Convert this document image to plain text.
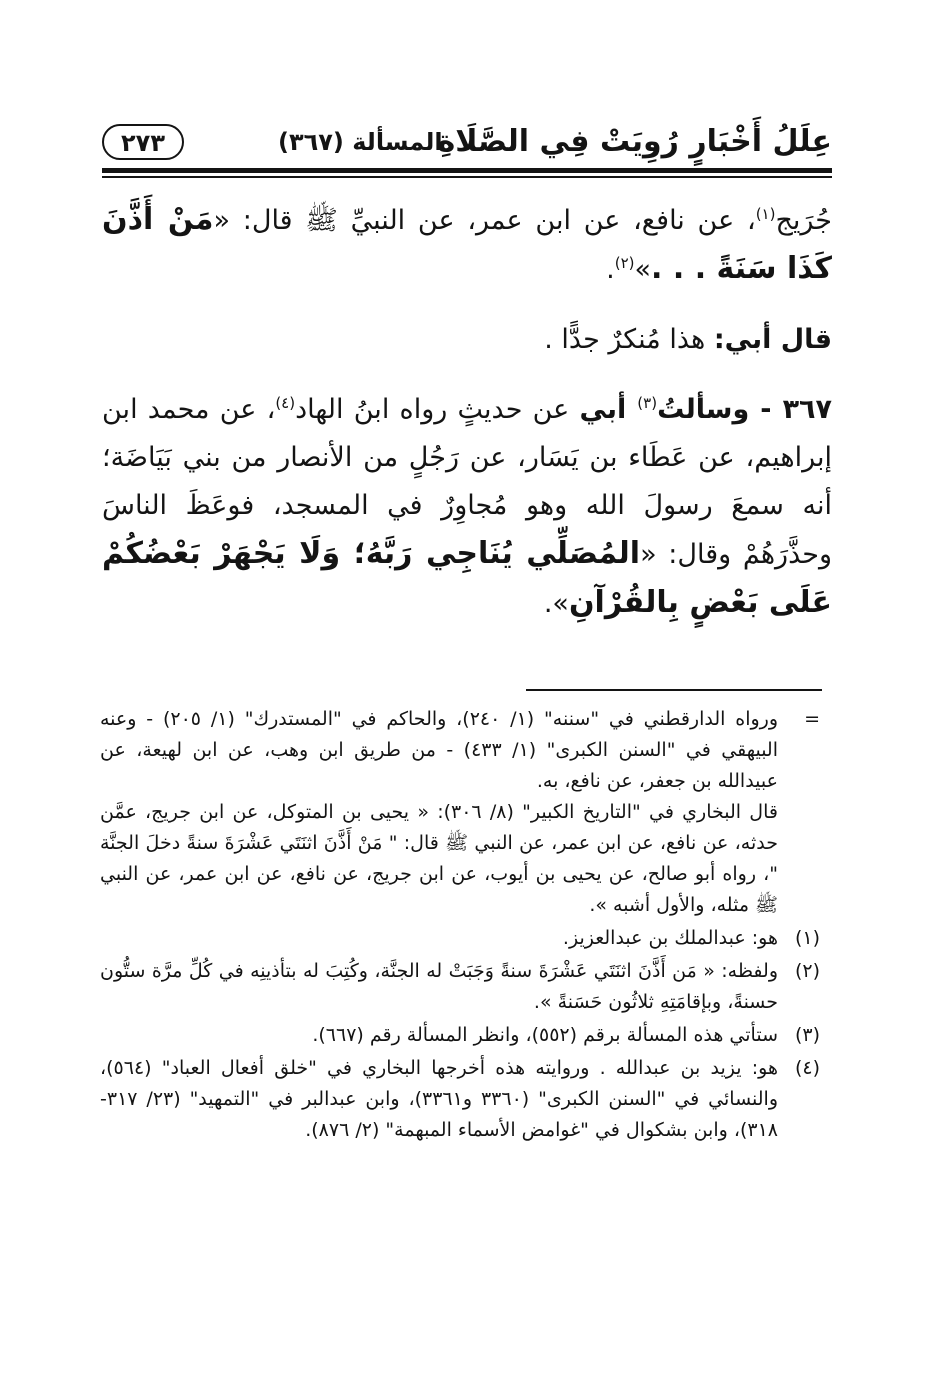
عِلَلُ أَخْبَارٍ رُوِيَتْ فِي الصَّلَاةِ
المسألة (٣٦٧)
٢٧٣

جُرَيج$^{(١)}$، عن نافع، عن ابن عمر، عن النبيِّ ﷺ قال: «مَنْ أَذَّنَ كَذَا سَنَةً . . .»$^{(٢)}$.

قال أبي: هذا مُنكرٌ جدًّا .

٣٦٧ - وسألتُ$^{(٣)}$ أبي عن حديثٍ رواه ابنُ الهاد$^{(٤)}$، عن محمد ابن إبراهيم، عن عَطَاء بن يَسَار، عن رَجُلٍ من الأنصار من بني بَيَاضَة؛ أنه سمعَ رسولَ الله وهو مُجاوِرٌ في المسجد، فوعَظَ الناسَ وحذَّرَهُمْ وقال: «المُصَلِّي يُنَاجِي رَبَّهُ؛ وَلَا يَجْهَرْ بَعْضُكُمْ عَلَى بَعْضٍ بِالقُرْآنِ».

=
ورواه الدارقطني في "سننه" (١/ ٢٤٠)، والحاكم في "المستدرك" (١/ ٢٠٥) - وعنه البيهقي في "السنن الكبرى" (١/ ٤٣٣) - من طريق ابن وهب، عن ابن لهيعة، عن عبيدالله بن جعفر، عن نافع، به.
قال البخاري في "التاريخ الكبير" (٨/ ٣٠٦): « يحيى بن المتوكل، عن ابن جريج، عمَّن حدثه، عن نافع، عن ابن عمر، عن النبي ﷺ قال: " مَنْ أَذَّنَ اثنَتَي عَشْرَةَ سنةً دخلَ الجنَّة "، رواه أبو صالح، عن يحيى بن أيوب، عن ابن جريج، عن نافع، عن ابن عمر، عن النبي ﷺ مثله، والأول أشبه ».
(١)
هو: عبدالملك بن عبدالعزيز.
(٢)
ولفظه: « مَن أَذَّنَ اثنَتَي عَشْرَةَ سنةً وَجَبَتْ له الجنَّة، وكُتِبَ له بتأذينِه في كُلِّ مرَّة ستُّون حسنةً، وبإقامَتِهِ ثلاثُون حَسَنةً ».
(٣)
ستأتي هذه المسألة برقم (٥٥٢)، وانظر المسألة رقم (٦٦٧).
(٤)
هو: يزيد بن عبدالله . وروايته هذه أخرجها البخاري في "خلق أفعال العباد" (٥٦٤)، والنسائي في "السنن الكبرى" (٣٣٦٠ و٣٣٦١)، وابن عبدالبر في "التمهيد" (٢٣/ ٣١٧- ٣١٨)، وابن بشكوال في "غوامض الأسماء المبهمة" (٢/ ٨٧٦).
